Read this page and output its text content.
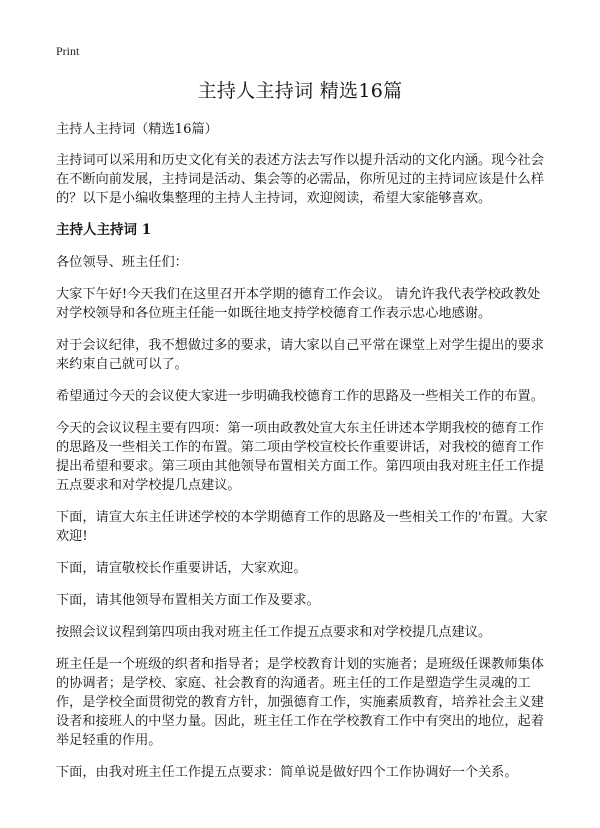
Print
主持人主持词 精选16篇

主持人主持词（精选16篇）

主持词可以采用和历史文化有关的表述方法去写作以提升活动的文化内涵。现今社会在不断向前发展，主持词是活动、集会等的必需品，你所见过的主持词应该是什么样的？以下是小编收集整理的主持人主持词，欢迎阅读，希望大家能够喜欢。

主持人主持词 1

各位领导、班主任们：

大家下午好!今天我们在这里召开本学期的德育工作会议。 请允许我代表学校政教处对学校领导和各位班主任能一如既往地支持学校德育工作表示忠心地感谢。

对于会议纪律，我不想做过多的要求，请大家以自己平常在课堂上对学生提出的要求来约束自己就可以了。

希望通过今天的会议使大家进一步明确我校德育工作的思路及一些相关工作的布置。

今天的会议议程主要有四项：第一项由政教处宣大东主任讲述本学期我校的德育工作的思路及一些相关工作的布置。第二项由学校宣校长作重要讲话，对我校的德育工作提出希望和要求。第三项由其他领导布置相关方面工作。第四项由我对班主任工作提五点要求和对学校提几点建议。

下面，请宣大东主任讲述学校的本学期德育工作的思路及一些相关工作的'布置。大家欢迎!

下面，请宣敬校长作重要讲话，大家欢迎。

下面，请其他领导布置相关方面工作及要求。

按照会议议程到第四项由我对班主任工作提五点要求和对学校提几点建议。

班主任是一个班级的织者和指导者；是学校教育计划的实施者；是班级任课教师集体的协调者；是学校、家庭、社会教育的沟通者。班主任的工作是塑造学生灵魂的工作，是学校全面贯彻党的教育方针，加强德育工作，实施素质教育，培养社会主义建设者和接班人的中坚力量。因此，班主任工作在学校教育工作中有突出的地位，起着举足轻重的作用。

下面，由我对班主任工作提五点要求：简单说是做好四个工作协调好一个关系。
